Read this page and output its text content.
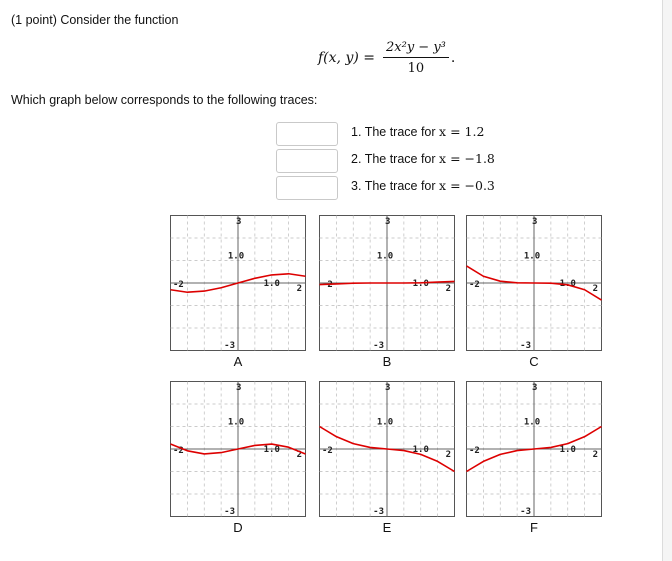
(1 point) Consider the function
f(x, $y) = \frac{\text{2x²y − y³}}{10}$ .
Which graph below corresponds to the following traces:
1. The trace for x = 1.2
2. The trace for x = −1.8
3. The trace for x = −0.3
3
1.0
-3
-2	1.0 2
A
3
1.0
-3
-2	1.0 2
B
3
1.0
-3
-2	1.0 2
C
3
1.0
-3
-2	1.0 2
D
3
1.0
-3
-2	1.0 2
E
3
1.0
-3
-2	1.0 2
F
